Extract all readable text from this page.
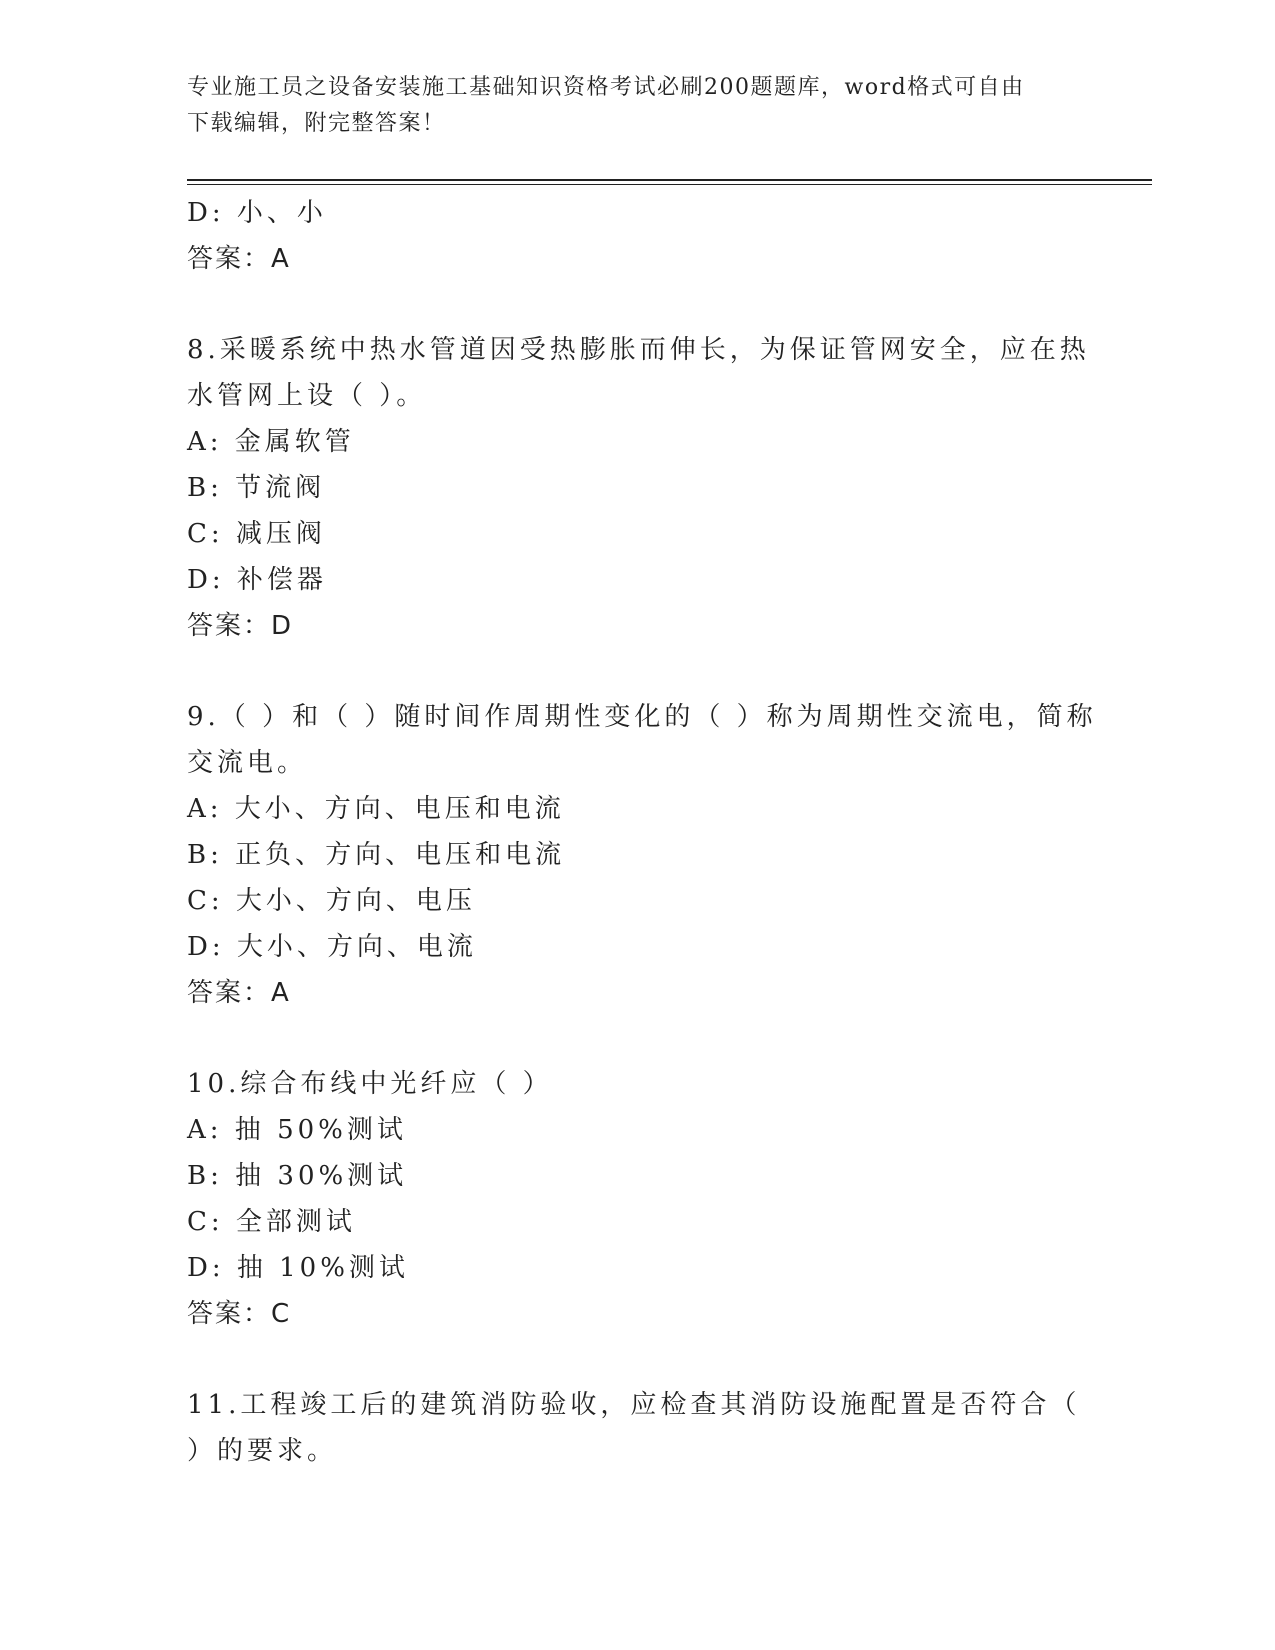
专业施工员之设备安装施工基础知识资格考试必刷200题题库，word格式可自由
下载编辑，附完整答案！
D: 小、小
答案：A
8.采暖系统中热水管道因受热膨胀而伸长，为保证管网安全，应在热
水管网上设（ ）。
A: 金属软管
B: 节流阀
C: 减压阀
D: 补偿器
答案：D
9.（ ）和（ ）随时间作周期性变化的（ ）称为周期性交流电，简称
交流电。
A: 大小、方向、电压和电流
B: 正负、方向、电压和电流
C: 大小、方向、电压
D: 大小、方向、电流
答案：A
10.综合布线中光纤应（ ）
A: 抽 50%测试
B: 抽 30%测试
C: 全部测试
D: 抽 10%测试
答案：C
11.工程竣工后的建筑消防验收，应检查其消防设施配置是否符合（
）的要求。
